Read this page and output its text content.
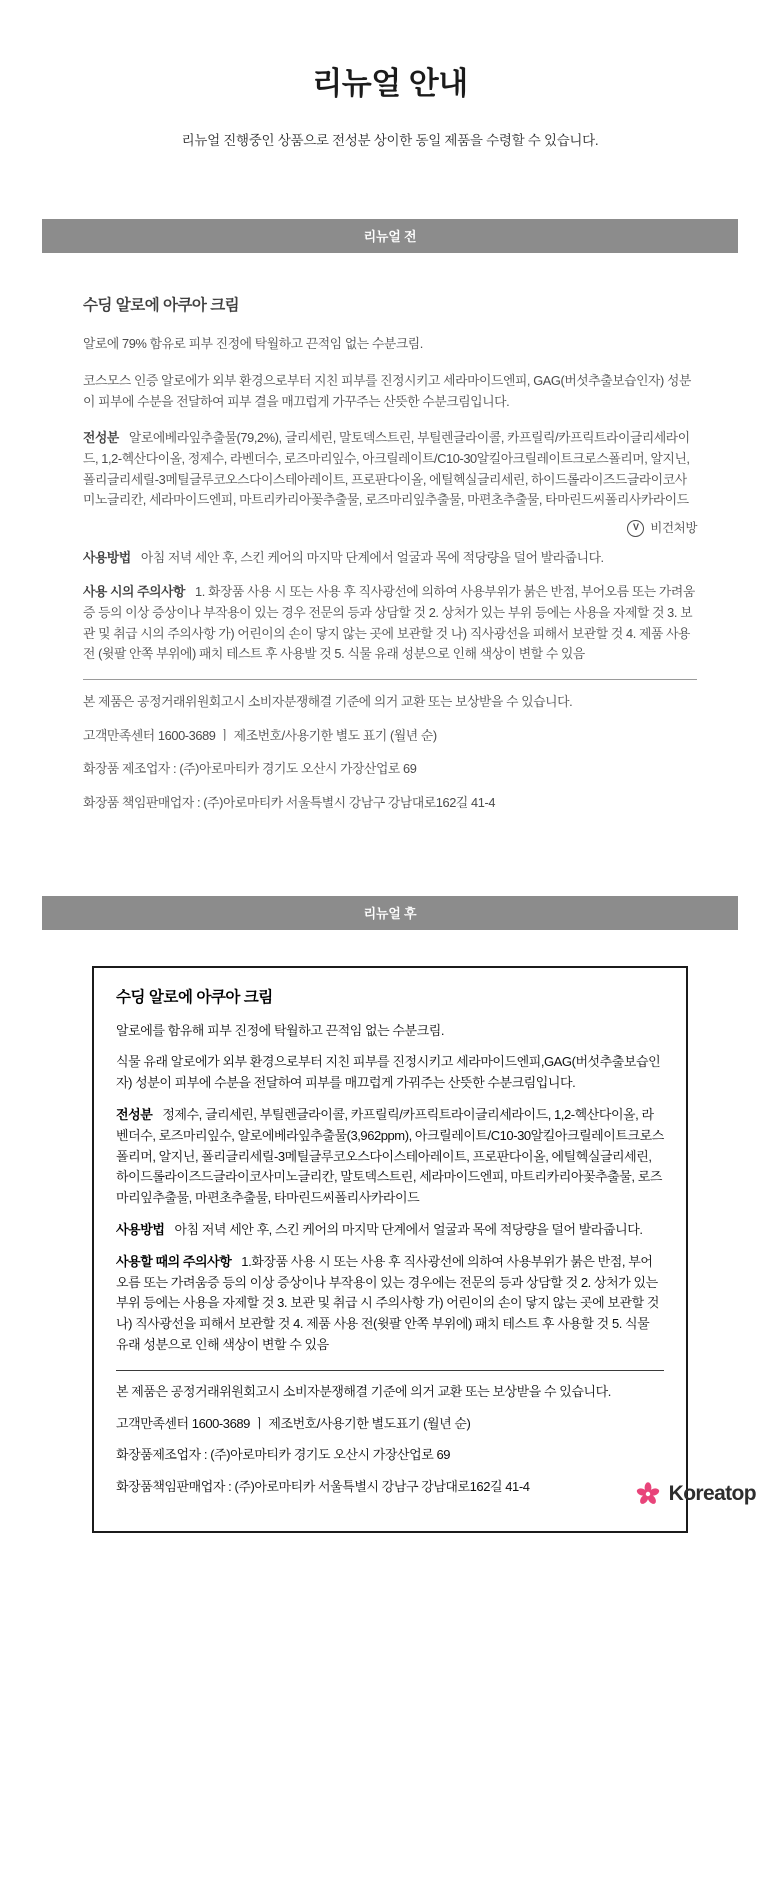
리뉴얼 안내
리뉴얼 진행중인 상품으로 전성분 상이한 동일 제품을 수령할 수 있습니다.
리뉴얼 전
수딩 알로에 아쿠아 크림

알로에 79% 함유로 피부 진정에 탁월하고 끈적임 없는 수분크림.

코스모스 인증 알로에가 외부 환경으로부터 지친 피부를 진정시키고 세라마이드엔피, GAG(버섯추출보습인자) 성분이 피부에 수분을 전달하여 피부 결을 매끄럽게 가꾸주는 산뜻한 수분크림입니다.

전성분 알로에베라잎추출물(79,2%), 글리세린, 말토덱스트린, 부틸렌글라이콜, 카프릴릭/카프릭트라이글리세라이드, 1,2-헥산다이올, 정제수, 라벤더수, 로즈마리잎수, 아크릴레이트/C10-30알킬아크릴레이트크로스폴리머, 알지닌, 폴리글리세릴-3메틸글루코오스다이스테아레이트, 프로판다이올, 에틸헥실글리세린, 하이드롤라이즈드글라이코사미노글리칸, 세라마이드엔피, 마트리카리아꽃추출물, 로즈마리잎추출물, 마편초추출물, 타마린드씨폴리사카라이드

V 비건처방

사용방법 아침 저녁 세안 후, 스킨 케어의 마지막 단계에서 얼굴과 목에 적당량을 덜어 발라줍니다.

사용 시의 주의사항 1. 화장품 사용 시 또는 사용 후 직사광선에 의하여 사용부위가 붉은 반점, 부어오름 또는 가려움증 등의 이상 증상이나 부작용이 있는 경우 전문의 등과 상담할 것 2. 상처가 있는 부위 등에는 사용을 자제할 것 3. 보관 및 취급 시의 주의사항 가) 어린이의 손이 닿지 않는 곳에 보관할 것 나) 직사광선을 피해서 보관할 것 4. 제품 사용 전 (윗팔 안쪽 부위에) 패치 테스트 후 사용발 것 5. 식물 유래 성분으로 인해 색상이 변할 수 있음

본 제품은 공정거래위원회고시 소비자분쟁해결 기준에 의거 교환 또는 보상받을 수 있습니다.

고객만족센터 1600-3689 ㅣ 제조번호/사용기한 별도 표기 (월년 순)

화장품 제조업자 : (주)아로마티카 경기도 오산시 가장산업로 69

화장품 책임판매업자 : (주)아로마티카 서울특별시 강남구 강남대로162길 41-4

리뉴얼 후
수딩 알로에 아쿠아 크림

알로에를 함유해 피부 진정에 탁월하고 끈적임 없는 수분크림.

식물 유래 알로에가 외부 환경으로부터 지친 피부를 진정시키고 세라마이드엔피,GAG(버섯추출보습인자) 성분이 피부에 수분을 전달하여 피부를 매끄럽게 가꿔주는 산뜻한 수분크림입니다.

전성분 정제수, 글리세린, 부틸렌글라이콜, 카프릴릭/카프릭트라이글리세라이드, 1,2-헥산다이올, 라벤더수, 로즈마리잎수, 알로에베라잎추출물(3,962ppm), 아크릴레이트/C10-30알킬아크릴레이트크로스폴리머, 알지닌, 폴리글리세릴-3메틸글루코오스다이스테아레이트, 프로판다이올, 에틸헥실글리세린, 하이드롤라이즈드글라이코사미노글리칸, 말토덱스트린, 세라마이드엔피, 마트리카리아꽃추출물, 로즈마리잎추출물, 마편초추출물, 타마린드씨폴리사카라이드

사용방법 아침 저녁 세안 후, 스킨 케어의 마지막 단계에서 얼굴과 목에 적당량을 덜어 발라줍니다.

사용할 때의 주의사항 1.화장품 사용 시 또는 사용 후 직사광선에 의하여 사용부위가 붉은 반점, 부어오름 또는 가려움증 등의 이상 증상이나 부작용이 있는 경우에는 전문의 등과 상담할 것 2. 상처가 있는 부위 등에는 사용을 자제할 것 3. 보관 및 취급 시 주의사항 가) 어린이의 손이 닿지 않는 곳에 보관할 것 나) 직사광선을 피해서 보관할 것 4. 제품 사용 전(윗팔 안쪽 부위에) 패치 테스트 후 사용할 것 5. 식물 유래 성분으로 인해 색상이 변할 수 있음

본 제품은 공정거래위원회고시 소비자분쟁해결 기준에 의거 교환 또는 보상받을 수 있습니다.

고객만족센터 1600-3689 ㅣ 제조번호/사용기한 별도표기 (월년 순)

화장품제조업자 : (주)아로마티카 경기도 오산시 가장산업로 69

화장품책임판매업자 : (주)아로마티카 서울특별시 강남구 강남대로162길 41-4	Koreatop
